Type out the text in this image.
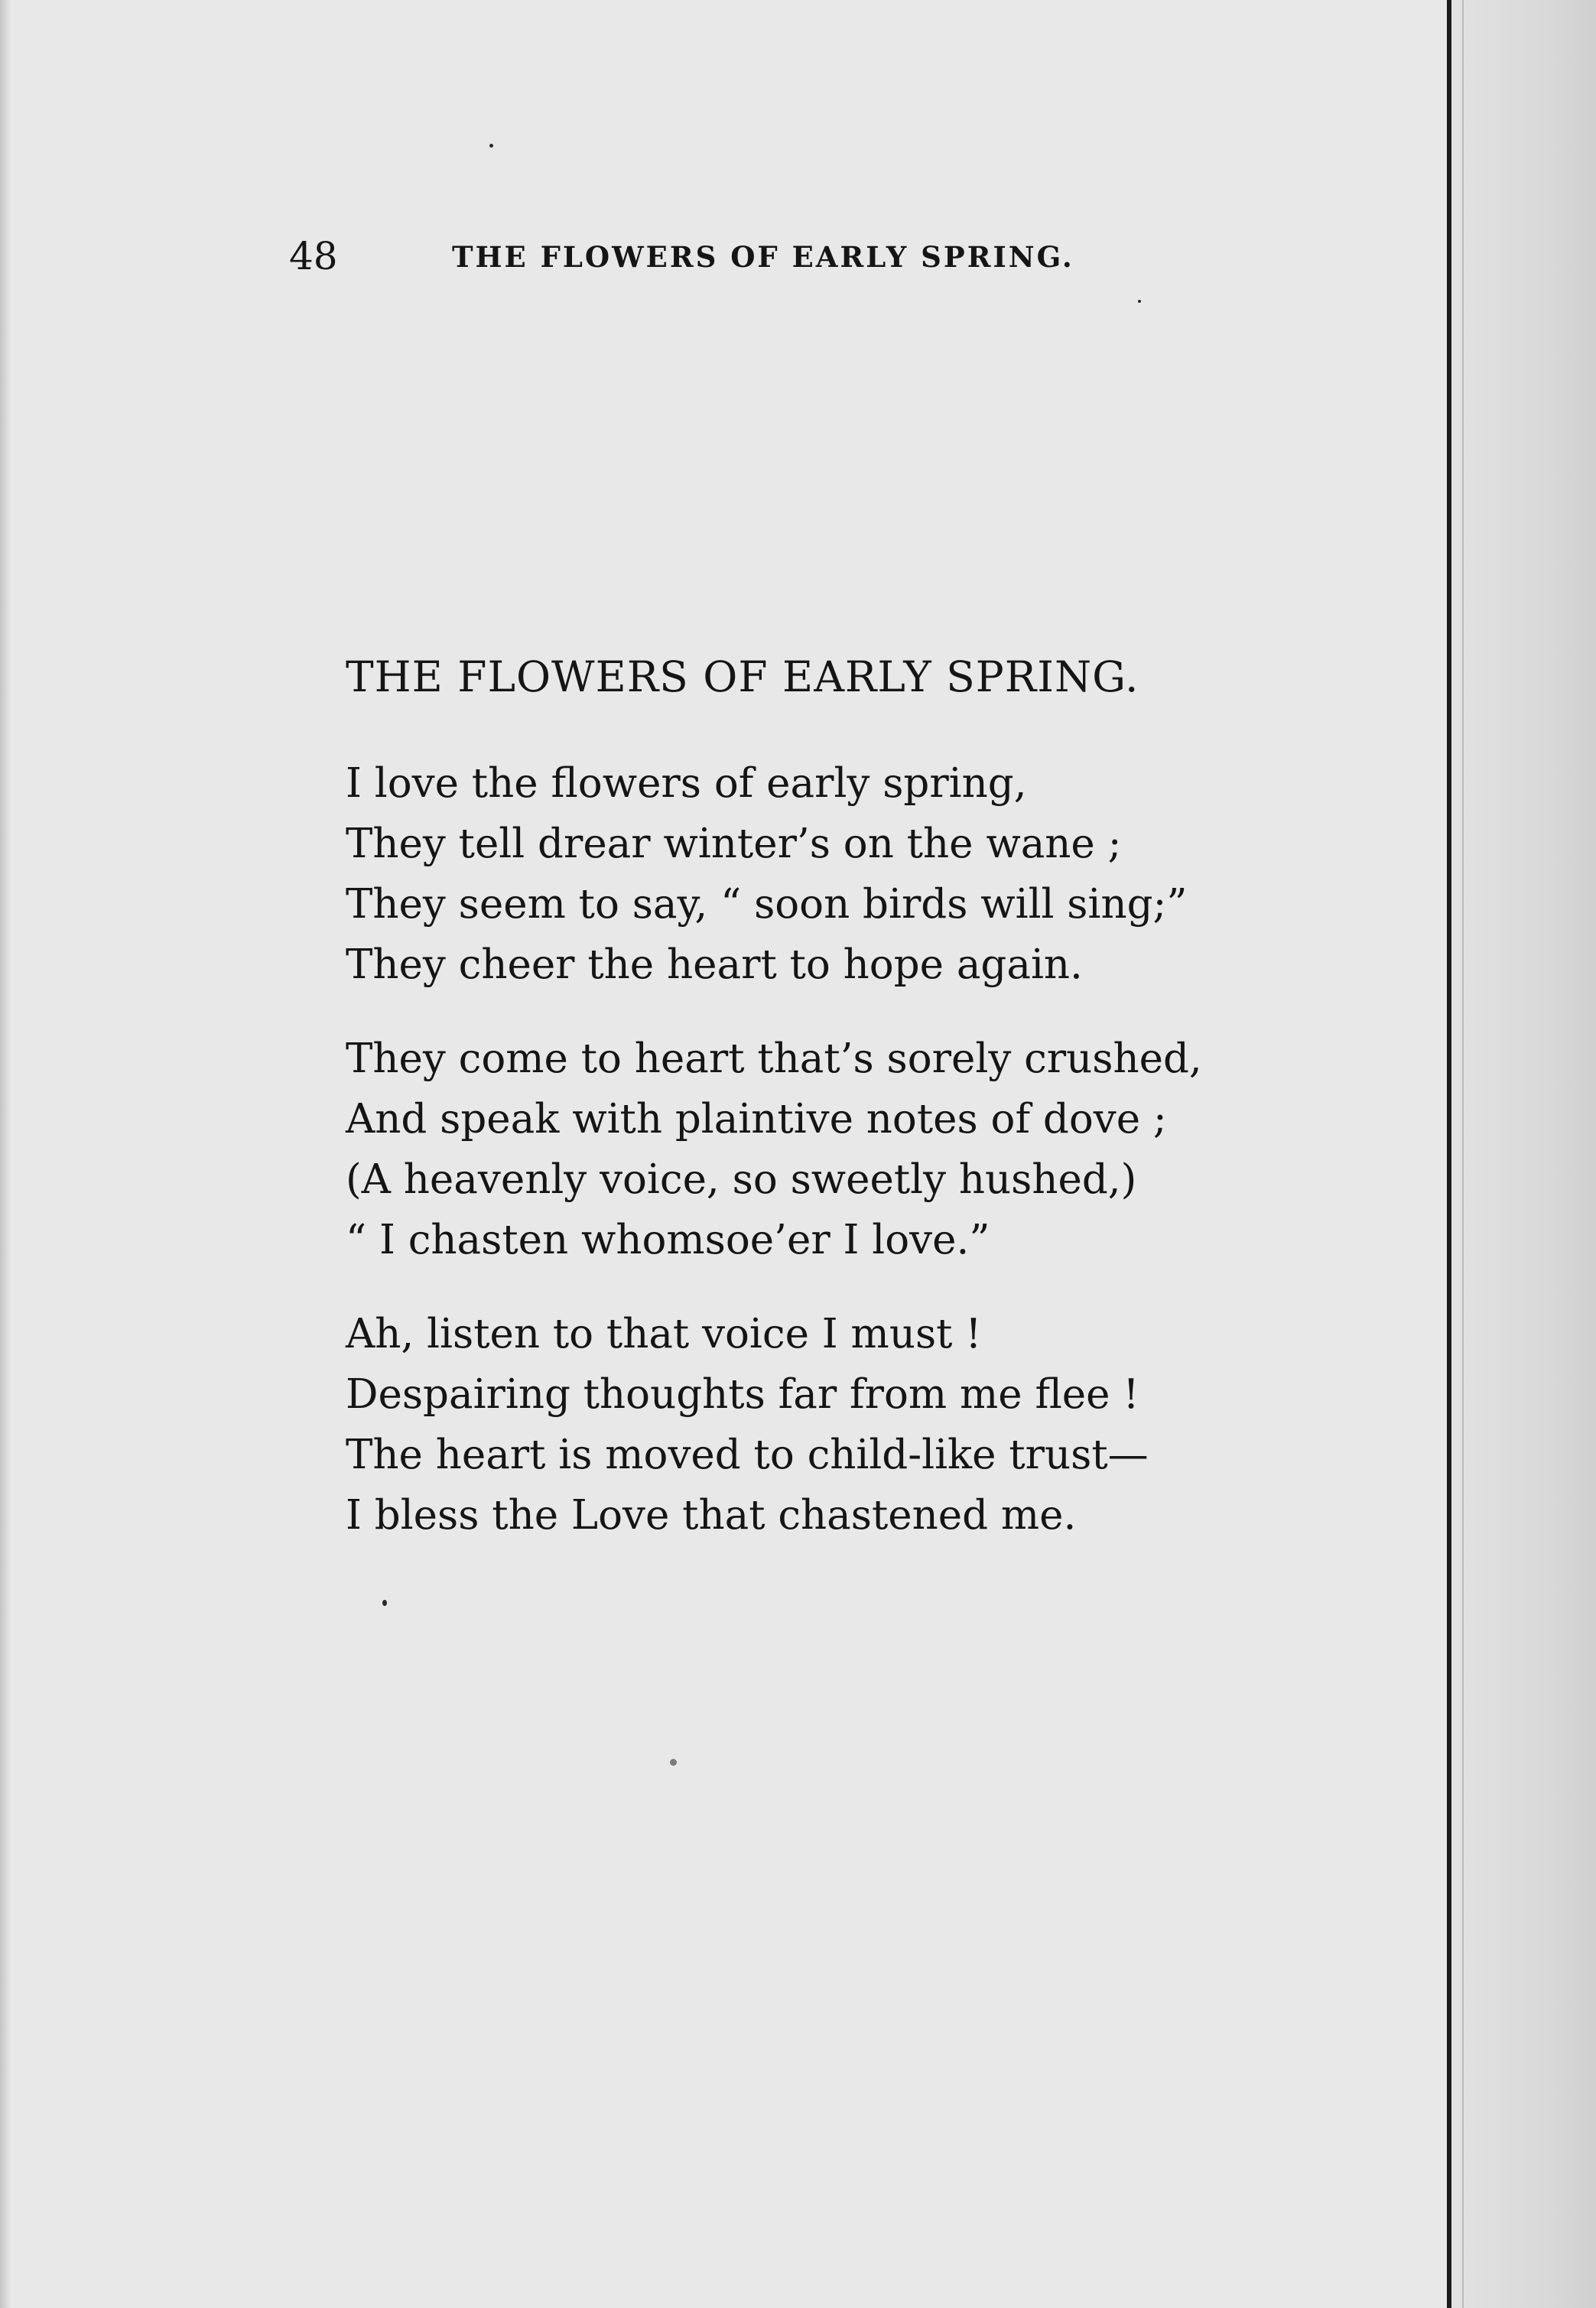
48	THE FLOWERS OF EARLY SPRING.
THE FLOWERS OF EARLY SPRING.
I love the flowers of early spring,
They tell drear winter’s on the wane ;
They seem to say, “ soon birds will sing;”
They cheer the heart to hope again.
They come to heart that’s sorely crushed,
And speak with plaintive notes of dove ;
(A heavenly voice, so sweetly hushed,)
“ I chasten whomsoe’er I love.”
Ah, listen to that voice I must !
Despairing thoughts far from me flee !
The heart is moved to child-like trust—
I bless the Love that chastened me.
